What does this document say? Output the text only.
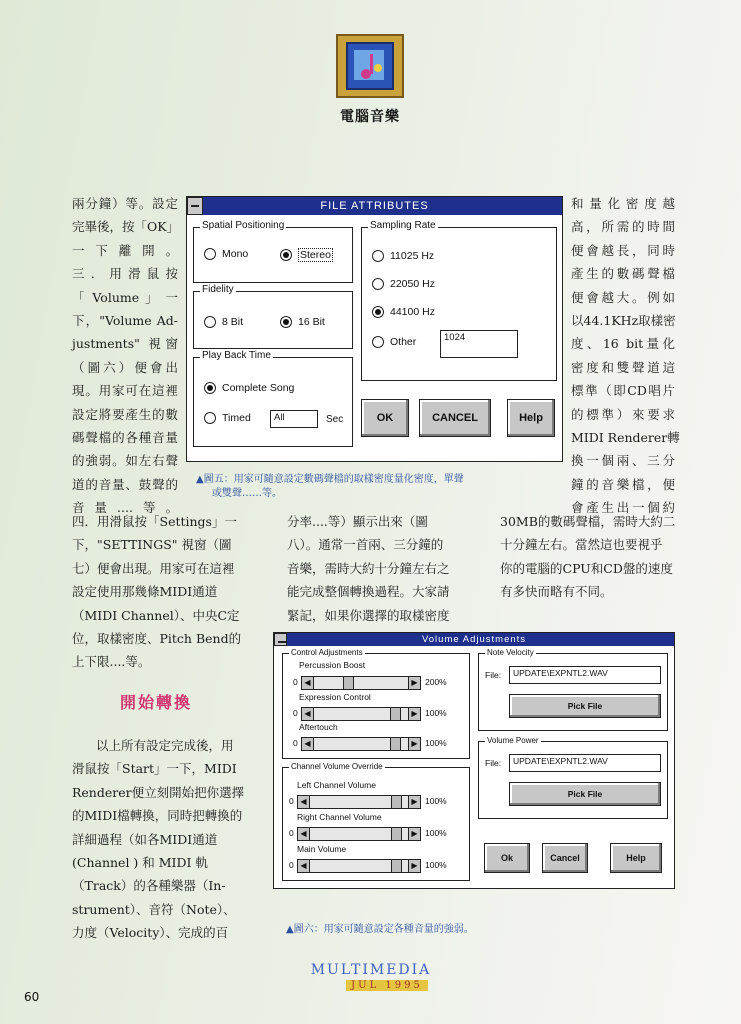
電腦音樂

兩分鐘）等。設定

完畢後，按「OK」

一下離開。

三．用滑鼠按

「 Volume 」 一

下，"Volume Ad-

justments" 視窗

（圖六）便會出

現。用家可在這裡

設定將要產生的數

碼聲檔的各種音量

的強弱。如左右聲

道的音量、鼓聲的

音量....等。

和量化密度越

高，所需的時間

便會越長，同時

產生的數碼聲檔

便會越大。例如

以44.1KHz取樣密

度、16 bit量化

密度和雙聲道這

標準（即CD唱片

的標準）來要求

MIDI Renderer轉

換一個兩、三分

鐘的音樂檔，便

會產生出一個約

FILE ATTRIBUTES
Spatial Positioning
Mono	Stereo
Fidelity
8 Bit	16 Bit
Play Back Time
Complete Song
Timed	All	Sec
Sampling Rate
11025 Hz
22050 Hz
44100 Hz
Other	1024
OK	CANCEL	Help
▲圖五：用家可隨意設定數碼聲檔的取樣密度量化密度，單聲
或雙聲……等。

四．用滑鼠按「Settings」一

下，"SETTINGS" 視窗（圖

七）便會出現。用家可在這裡

設定使用那幾條MIDI通道

（MIDI Channel）、中央C定

位，取樣密度、Pitch Bend的

上下限....等。

分率....等）顯示出來（圖

八）。通常一首兩、三分鐘的

音樂，需時大約十分鐘左右之

能完成整個轉換過程。大家請

緊記，如果你選擇的取樣密度

30MB的數碼聲檔，需時大約二

十分鐘左右。當然這也要視乎

你的電腦的CPU和CD盤的速度

有多快而略有不同。

開始轉換

以上所有設定完成後，用

滑鼠按「Start」一下，MIDI

Renderer便立刻開始把你選擇

的MIDI檔轉換，同時把轉換的

詳細過程（如各MIDI通道

(Channel ) 和 MIDI 軌

（Track）的各種樂器（In-

strument）、音符（Note）、

力度（Velocity）、完成的百

Volume Adjustments
Control Adjustments
Percussion Boost
0 ◀	▶ 200%
Expression Control
0 ◀	▶ 100%
Aftertouch
0 ◀	▶ 100%
Channel Volume Override
Left Channel Volume
0 ◀	▶ 100%
Right Channel Volume
0 ◀	▶ 100%
Main Volume
0 ◀	▶ 100%
Note Velocity
File:	UPDATE\EXPNTL2.WAV
Pick File
Volume Power
File:	UPDATE\EXPNTL2.WAV
Pick File
Ok	Cancel	Help
▲圖六：用家可隨意設定各種音量的強弱。
60
MULTIMEDIA
JUL 1995
